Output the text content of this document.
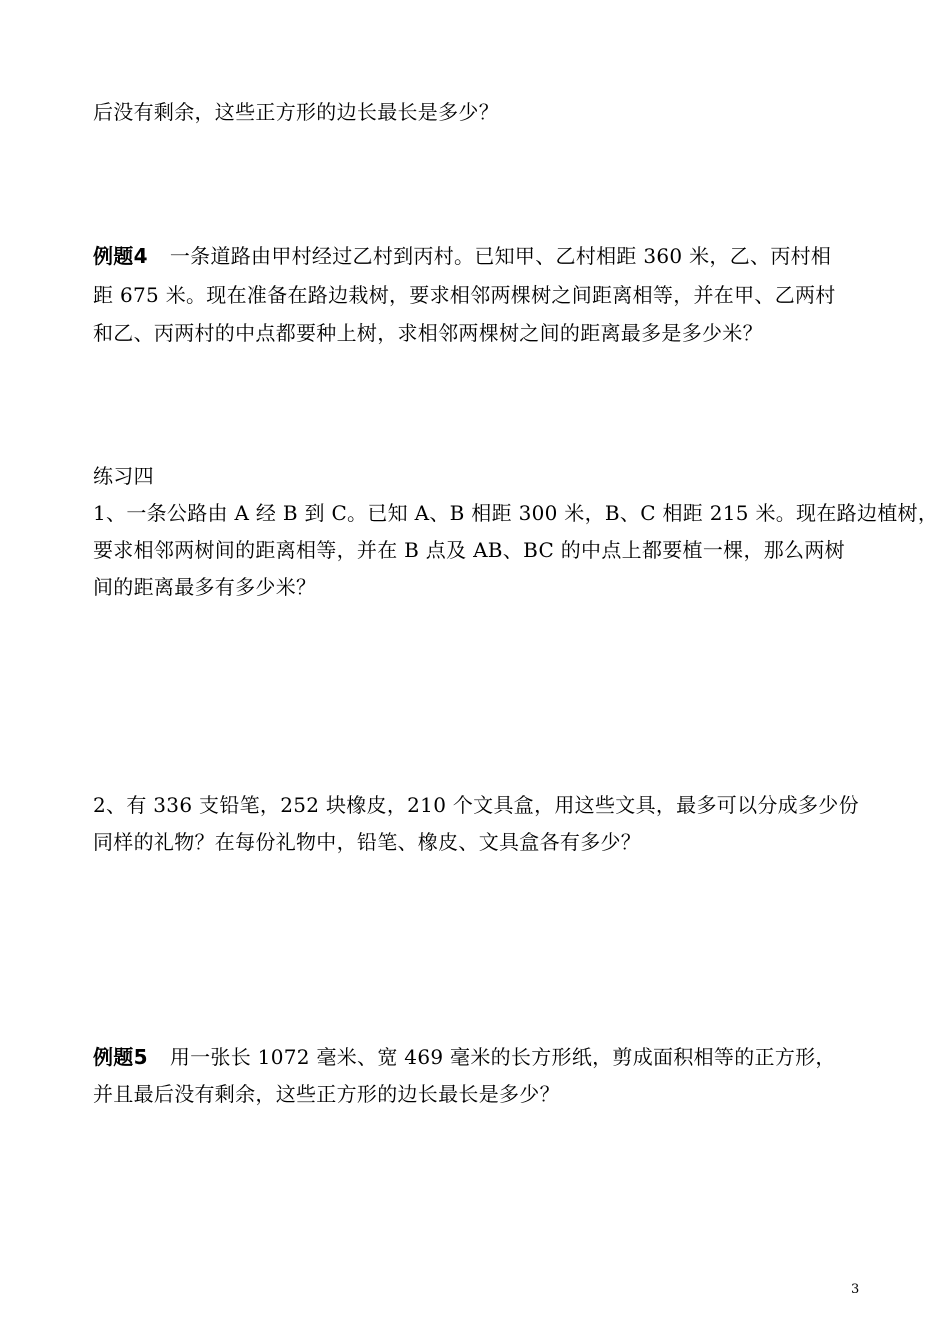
后没有剩余，这些正方形的边长最长是多少？
例题4 一条道路由甲村经过乙村到丙村。已知甲、乙村相距 360 米，乙、丙村相
距 675 米。现在准备在路边栽树，要求相邻两棵树之间距离相等，并在甲、乙两村
和乙、丙两村的中点都要种上树，求相邻两棵树之间的距离最多是多少米？
练习四
1、一条公路由 A 经 B 到 C。已知 A、B 相距 300 米，B、C 相距 215 米。现在路边植树，
要求相邻两树间的距离相等，并在 B 点及 AB、BC 的中点上都要植一棵，那么两树
间的距离最多有多少米？
2、有 336 支铅笔，252 块橡皮，210 个文具盒，用这些文具，最多可以分成多少份
同样的礼物？在每份礼物中，铅笔、橡皮、文具盒各有多少？
例题5 用一张长 1072 毫米、宽 469 毫米的长方形纸，剪成面积相等的正方形，
并且最后没有剩余，这些正方形的边长最长是多少？
3
